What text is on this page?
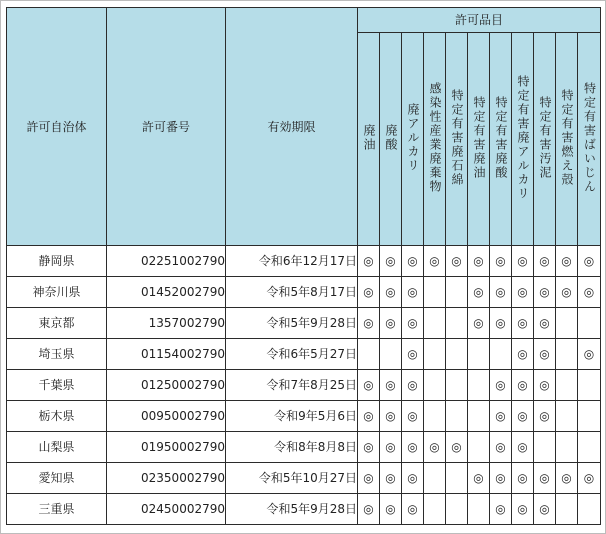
許可自治体	許可番号	有効期限	許可品目										
			廃油	廃酸	廃アルカリ	感染性産業廃棄物	特定有害廃石綿	特定有害廃油	特定有害廃酸	特定有害廃アルカリ	特定有害汚泥	特定有害燃え殻	特定有害ばいじん
静岡県	02251002790	令和6年12月17日	◎	◎	◎	◎	◎	◎	◎	◎	◎	◎	◎
神奈川県	01452002790	令和5年8月17日	◎	◎	◎			◎	◎	◎	◎	◎	◎
東京都	1357002790	令和5年9月28日	◎	◎	◎			◎	◎	◎	◎		
埼玉県	01154002790	令和6年5月27日			◎					◎	◎		◎
千葉県	01250002790	令和7年8月25日	◎	◎	◎				◎	◎	◎		
栃木県	00950002790	令和9年5月6日	◎	◎	◎				◎	◎	◎		
山梨県	01950002790	令和8年8月8日	◎	◎	◎	◎	◎		◎	◎			
愛知県	02350002790	令和5年10月27日	◎	◎	◎			◎	◎	◎	◎	◎	◎
三重県	02450002790	令和5年9月28日	◎	◎	◎				◎	◎	◎		
